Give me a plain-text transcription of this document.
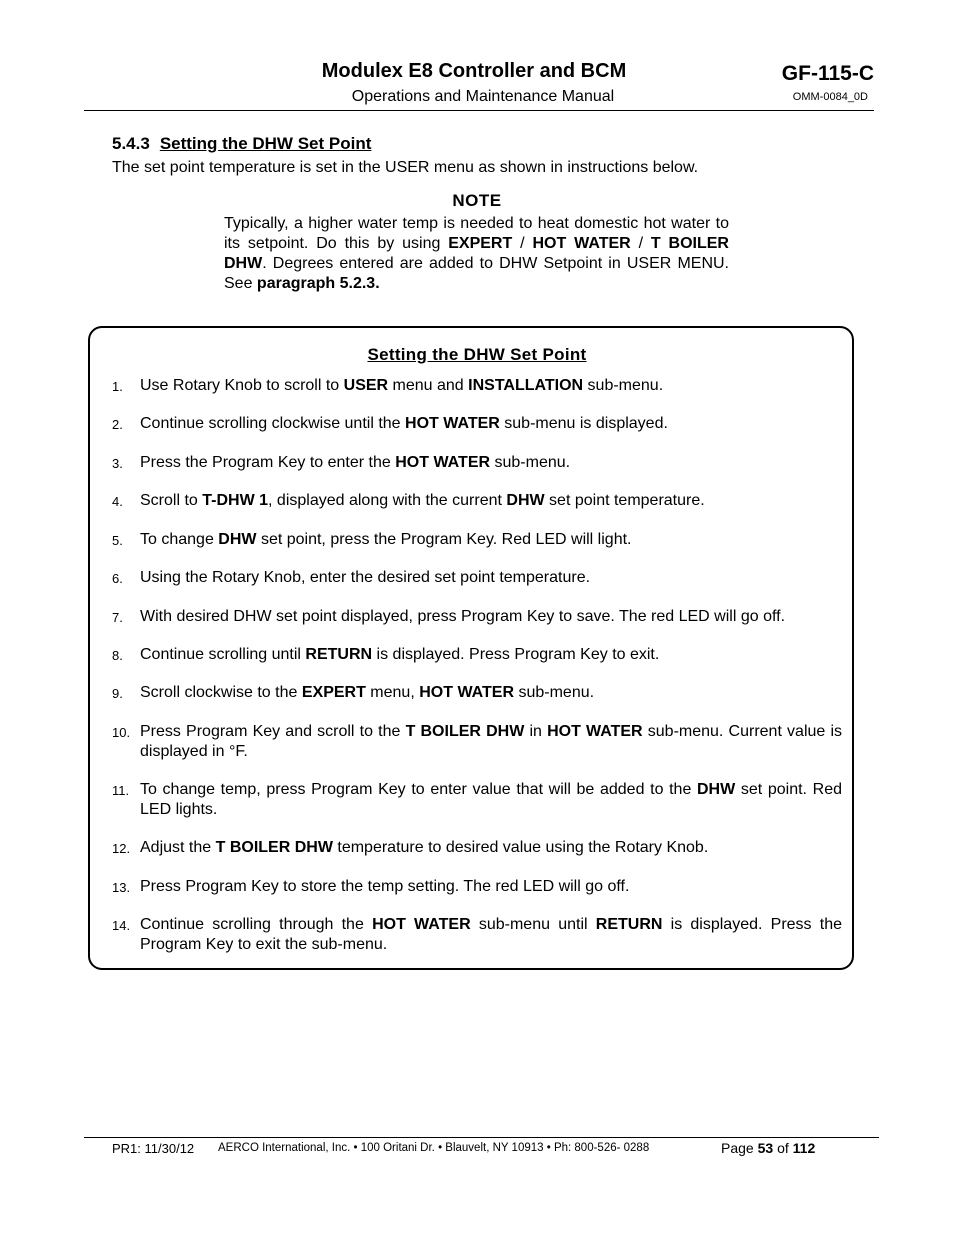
Modulex E8 Controller and BCM
Operations and Maintenance Manual
GF-115-C
OMM-0084_0D
5.4.3 Setting the DHW Set Point
The set point temperature is set in the USER menu as shown in instructions below.
NOTE
Typically, a higher water temp is needed to heat domestic hot water to its setpoint. Do this by using EXPERT / HOT WATER / T BOILER DHW. Degrees entered are added to DHW Setpoint in USER MENU. See paragraph 5.2.3.
Setting the DHW Set Point
1. Use Rotary Knob to scroll to USER menu and INSTALLATION sub-menu.
2. Continue scrolling clockwise until the HOT WATER sub-menu is displayed.
3. Press the Program Key to enter the HOT WATER sub-menu.
4. Scroll to T-DHW 1, displayed along with the current DHW set point temperature.
5. To change DHW set point, press the Program Key. Red LED will light.
6. Using the Rotary Knob, enter the desired set point temperature.
7. With desired DHW set point displayed, press Program Key to save. The red LED will go off.
8. Continue scrolling until RETURN is displayed. Press Program Key to exit.
9. Scroll clockwise to the EXPERT menu, HOT WATER sub-menu.
10. Press Program Key and scroll to the T BOILER DHW in HOT WATER sub-menu. Current value is displayed in °F.
11. To change temp, press Program Key to enter value that will be added to the DHW set point. Red LED lights.
12. Adjust the T BOILER DHW temperature to desired value using the Rotary Knob.
13. Press Program Key to store the temp setting. The red LED will go off.
14. Continue scrolling through the HOT WATER sub-menu until RETURN is displayed. Press the Program Key to exit the sub-menu.
PR1: 11/30/12 AERCO International, Inc. • 100 Oritani Dr. • Blauvelt, NY 10913 • Ph: 800-526- 0288	Page 53 of 112
